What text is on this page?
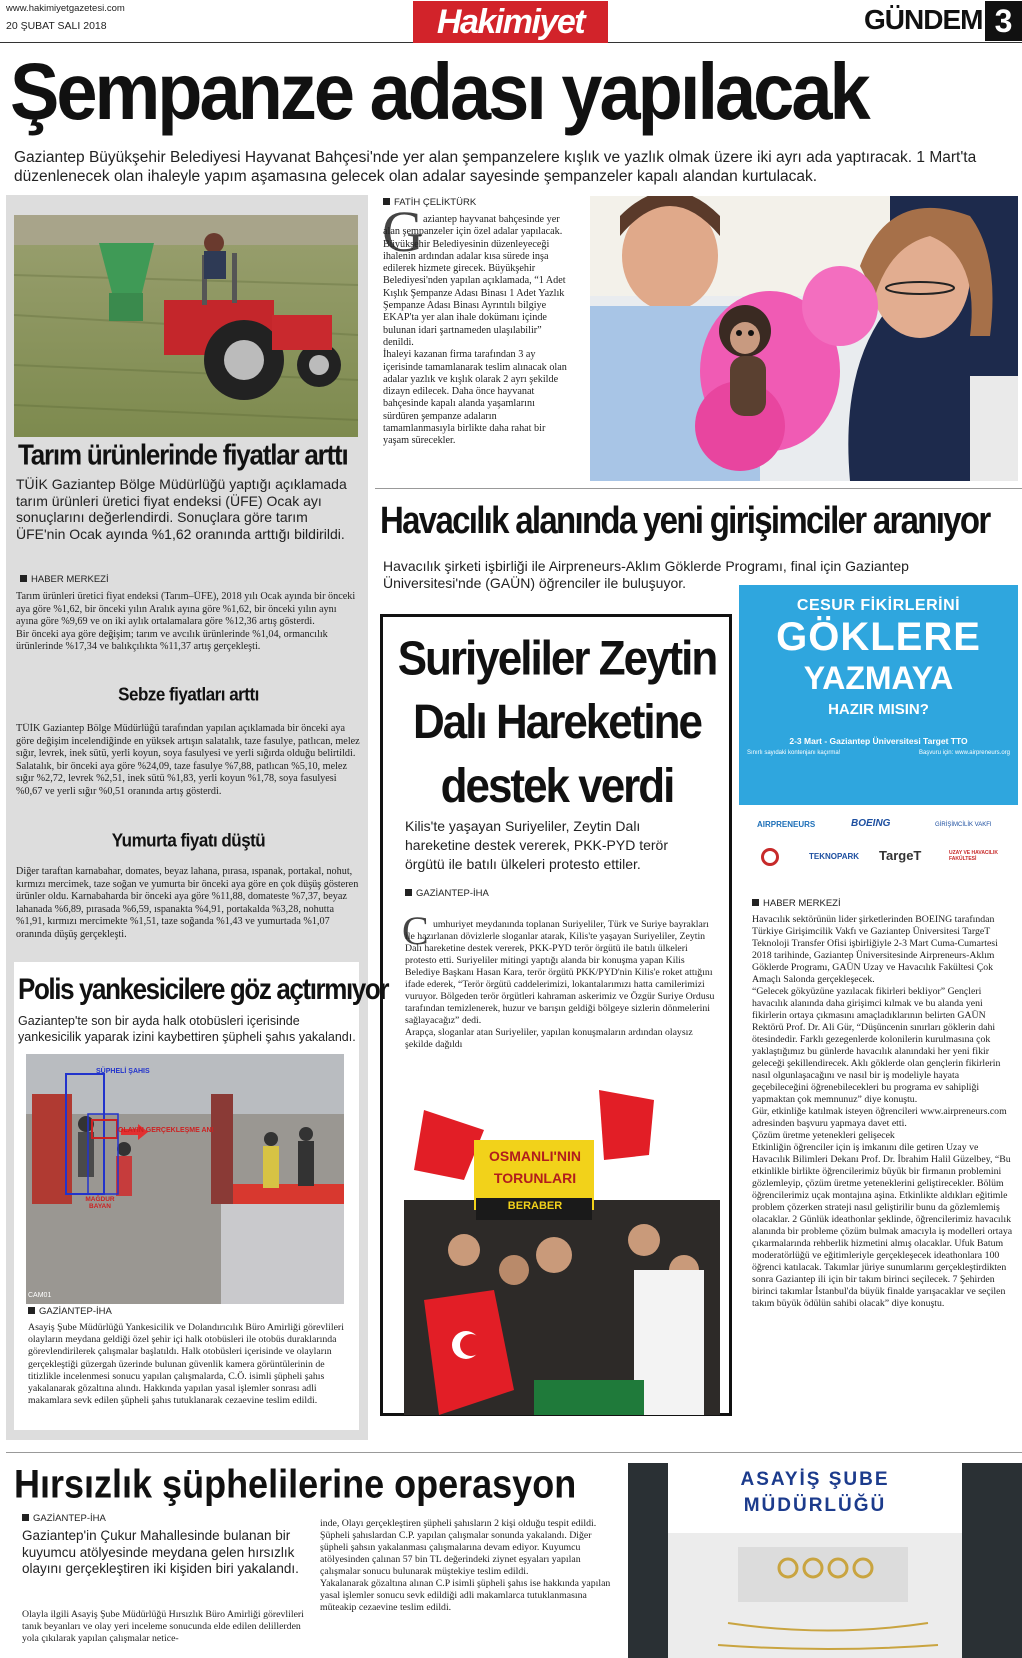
www.hakimiyetgazetesi.com
20 ŞUBAT SALI 2018	Hakimiyet	GÜNDEM 3
Şempanze adası yapılacak
Gaziantep Büyükşehir Belediyesi Hayvanat Bahçesi'nde yer alan şempanzelere kışlık ve yazlık olmak üzere iki ayrı ada yaptıracak. 1 Mart'ta düzenlenecek olan ihaleyle yapım aşamasına gelecek olan adalar sayesinde şempanzeler kapalı alandan kurtulacak.
Tarım ürünlerinde fiyatlar arttı
TÜİK Gaziantep Bölge Müdürlüğü yaptığı açıklamada tarım ürünleri üretici fiyat endeksi (ÜFE) Ocak ayı sonuçlarını değerlendirdi. Sonuçlara göre tarım ÜFE'nin Ocak ayında %1,62 oranında arttığı bildirildi.
HABER MERKEZİ
Tarım ürünleri üretici fiyat endeksi (Tarım–ÜFE), 2018 yılı Ocak ayında bir önceki aya göre %1,62, bir önceki yılın Aralık ayına göre %1,62, bir önceki yılın aynı ayına göre %9,69 ve on iki aylık ortalamalara göre %12,36 artış gösterdi.
Bir önceki aya göre değişim; tarım ve avcılık ürünlerinde %1,04, ormancılık ürünlerinde %17,34 ve balıkçılıkta %11,37 artış gerçekleşti.
Sebze fiyatları arttı
TÜİK Gaziantep Bölge Müdürlüğü tarafından yapılan açıklamada bir önceki aya göre değişim incelendiğinde en yüksek artışın salatalık, taze fasulye, patlıcan, melez sığır, levrek, inek sütü, yerli koyun, soya fasulyesi ve yerli sığırda olduğu belirtildi.
Salatalık, bir önceki aya göre %24,09, taze fasulye %7,88, patlıcan %5,10, melez sığır %2,72, levrek %2,51, inek sütü %1,83, yerli koyun %1,78, soya fasulyesi %0,67 ve yerli sığır %0,51 oranında artış gösterdi.
Yumurta fiyatı düştü
Diğer taraftan karnabahar, domates, beyaz lahana, pırasa, ıspanak, portakal, nohut, kırmızı mercimek, taze soğan ve yumurta bir önceki aya göre en çok düşüş gösteren ürünler oldu. Karnabaharda bir önceki aya göre %11,88, domateste %7,37, beyaz lahanada %6,89, pırasada %6,59, ıspanakta %4,91, portakalda %3,28, nohutta %1,91, kırmızı mercimekte %1,51, taze soğanda %1,43 ve yumurtada %1,07 oranında düşüş gerçekleşti.
Polis yankesicilere göz açtırmıyor
Gaziantep'te son bir ayda halk otobüsleri içerisinde yankesicilik yaparak izini kaybettiren şüpheli şahıs yakalandı.
ŞÜPHELİ ŞAHIS
OLAYIN GERÇEKLEŞME ANI
MAĞDUR BAYAN
CAM01
GAZİANTEP-İHA
Asayiş Şube Müdürlüğü Yankesicilik ve Dolandırıcılık Büro Amirliği görevlileri olayların meydana geldiği özel şehir içi halk otobüsleri ile otobüs duraklarında görevlendirilerek çalışmalar başlatıldı. Halk otobüsleri içerisinde ve olayların gerçekleştiği güzergah üzerinde bulunan güvenlik kamera görüntülerinin de titizlikle incelenmesi sonucu yapılan çalışmalarda, C.Ö. isimli şüpheli şahıs yakalanarak gözaltına alındı. Hakkında yapılan yasal işlemler sonrası adli makamlara sevk edilen şüpheli şahıs tutuklanarak cezaevine teslim edildi.
FATİH ÇELİKTÜRK
G aziantep hayvanat bahçesinde yer alan şempanzeler için özel adalar yapılacak. Büyükşehir Belediyesinin düzenleyeceği ihalenin ardından adalar kısa sürede inşa edilerek hizmete girecek. Büyükşehir Belediyesi'nden yapılan açıklamada, “1 Adet Kışlık Şempanze Adası Binası 1 Adet Yazlık Şempanze Adası Binası Ayrıntılı bilgiye EKAP'ta yer alan ihale dokümanı içinde bulunan idari şartnameden ulaşılabilir” denildi.
İhaleyi kazanan firma tarafından 3 ay içerisinde tamamlanarak teslim alınacak olan adalar yazlık ve kışlık olarak 2 ayrı şekilde dizayn edilecek. Daha önce hayvanat bahçesinde kapalı alanda yaşamlarını sürdüren şempanze adaların tamamlanmasıyla birlikte daha rahat bir yaşam sürecekler.
Havacılık alanında yeni girişimciler aranıyor
Havacılık şirketi işbirliği ile Airpreneurs-Aklım Göklerde Programı, final için Gaziantep Üniversitesi'nde (GAÜN) öğrenciler ile buluşuyor.
CESUR FİKİRLERİNİ
GÖKLERE
YAZMAYA
HAZIR MISIN?
2-3 Mart - Gaziantep Üniversitesi Target TTO
Sınırlı sayıdaki kontenjanı kaçırma!	Başvuru için: www.airpreneurs.org
AIRPRENEURS	BOEING	GİRİŞİMCİLİK VAKFI
TEKNOPARK TargeT	UZAY VE HAVACILIK FAKÜLTESİ
HABER MERKEZİ
Havacılık sektörünün lider şirketlerinden BOEING tarafından Türkiye Girişimcilik Vakfı ve Gaziantep Üniversitesi TargeT Teknoloji Transfer Ofisi işbirliğiyle 2-3 Mart Cuma-Cumartesi 2018 tarihinde, Gaziantep Üniversitesinde Airpreneurs-Aklım Göklerde Programı, GAÜN Uzay ve Havacılık Fakültesi Çok Amaçlı Salonda gerçekleşecek.
“Gelecek gökyüzüne yazılacak fikirleri bekliyor” Gençleri havacılık alanında daha girişimci kılmak ve bu alanda yeni fikirlerin ortaya çıkmasını amaçladıklarının belirten GAÜN Rektörü Prof. Dr. Ali Gür, “Düşüncenin sınırları göklerin dahi ötesindedir. Farklı gezegenlerde kolonilerin kurulmasına çok yaklaştığımız bu günlerde havacılık alanındaki her yeni fikir geleceği şekillendirecek. Aklı göklerde olan gençlerin fikirlerin nasıl olgunlaşacağını ve nasıl bir iş modeliyle hayata geçebileceğini öğrenebilecekleri bu programa ev sahipliği yapmaktan çok memnunuz” diye konuştu.
Gür, etkinliğe katılmak isteyen öğrencileri www.airpreneurs.com adresinden başvuru yapmaya davet etti.
Çözüm üretme yetenekleri gelişecek
Etkinliğin öğrenciler için iş imkanını dile getiren Uzay ve Havacılık Bilimleri Dekanı Prof. Dr. İbrahim Halil Güzelbey, “Bu etkinlikle birlikte öğrencilerimiz büyük bir firmanın problemini gözlemleyip, çözüm üretme yeteneklerini geliştirecekler. Bölüm öğrencilerimiz uçak montajına aşina. Etkinlikte aldıkları eğitimle problem çözerken strateji nasıl geliştirilir bunu da gözlemlemiş olacaklar. 2 Günlük ideathonlar şeklinde, öğrencilerimiz havacılık alanında bir probleme çözüm bulmak amacıyla iş modelleri ortaya çıkarmalarında rehberlik hizmetini almış olacaklar. Ufuk Batum moderatörlüğü ve eğitimleriyle gerçekleşecek ideathonlara 100 öğrenci katılacak. Takımlar jüriye sunumlarını gerçekleştirdikten sonra Gaziantep ili için bir takım birinci seçilecek. 7 Şehirden birinci takımlar İstanbul'da büyük finalde yarışacaklar ve seçilen takım büyük ödülün sahibi olacak” diye konuştu.
Suriyeliler Zeytin Dalı Hareketine destek verdi
Kilis'te yaşayan Suriyeliler, Zeytin Dalı hareketine destek vererek, PKK-PYD terör örgütü ile batılı ülkeleri protesto ettiler.
GAZİANTEP-İHA
C umhuriyet meydanında toplanan Suriyeliler, Türk ve Suriye bayrakları ile hazırlanan dövizlerle sloganlar atarak, Kilis'te yaşayan Suriyeliler, Zeytin Dalı hareketine destek vererek, PKK-PYD terör örgütü ile batılı ülkeleri protesto etti. Suriyeliler mitingi yaptığı alanda bir konuşma yapan Kilis Belediye Başkanı Hasan Kara, terör örgütü PKK/PYD'nin Kilis'e roket attığını ifade ederek, “Terör örgütü caddelerimizi, lokantalarımızı hatta camilerimizi vuruyor. Bölgeden terör örgütleri kahraman askerimiz ve Özgür Suriye Ordusu tarafından temizlenerek, huzur ve barışın geldiği bölgeye sizlerin dönmelerini sağlayacağız” dedi.
Arapça, sloganlar atan Suriyeliler, yapılan konuşmaların ardından olaysız şekilde dağıldı
OSMANLI'NIN
TORUNLARI
BERABER
Hırsızlık şüphelilerine operasyon
GAZİANTEP-İHA
Gaziantep'in Çukur Mahallesinde bulanan bir kuyumcu atölyesinde meydana gelen hırsızlık olayını gerçekleştiren iki kişiden biri yakalandı.
Olayla ilgili Asayiş Şube Müdürlüğü Hırsızlık Büro Amirliği görevlileri tanık beyanları ve olay yeri inceleme sonucunda elde edilen delillerden yola çıkılarak yapılan çalışmalar netice-
inde, Olayı gerçekleştiren şüpheli şahısların 2 kişi olduğu tespit edildi. Şüpheli şahıslardan C.P. yapılan çalışmalar sonunda yakalandı. Diğer şüpheli şahsın yakalanması çalışmalarına devam ediyor. Kuyumcu atölyesinden çalınan 57 bin TL değerindeki ziynet eşyaları yapılan çalışmalar sonucu bulunarak müştekiye teslim edildi.
Yakalanarak gözaltına alınan C.P isimli şüpheli şahıs ise hakkında yapılan yasal işlemler sonucu sevk edildiği adli makamlarca tutuklanmasına müteakip cezaevine teslim edildi.
ASAYİŞ ŞUBE
MÜDÜRLÜĞÜ
